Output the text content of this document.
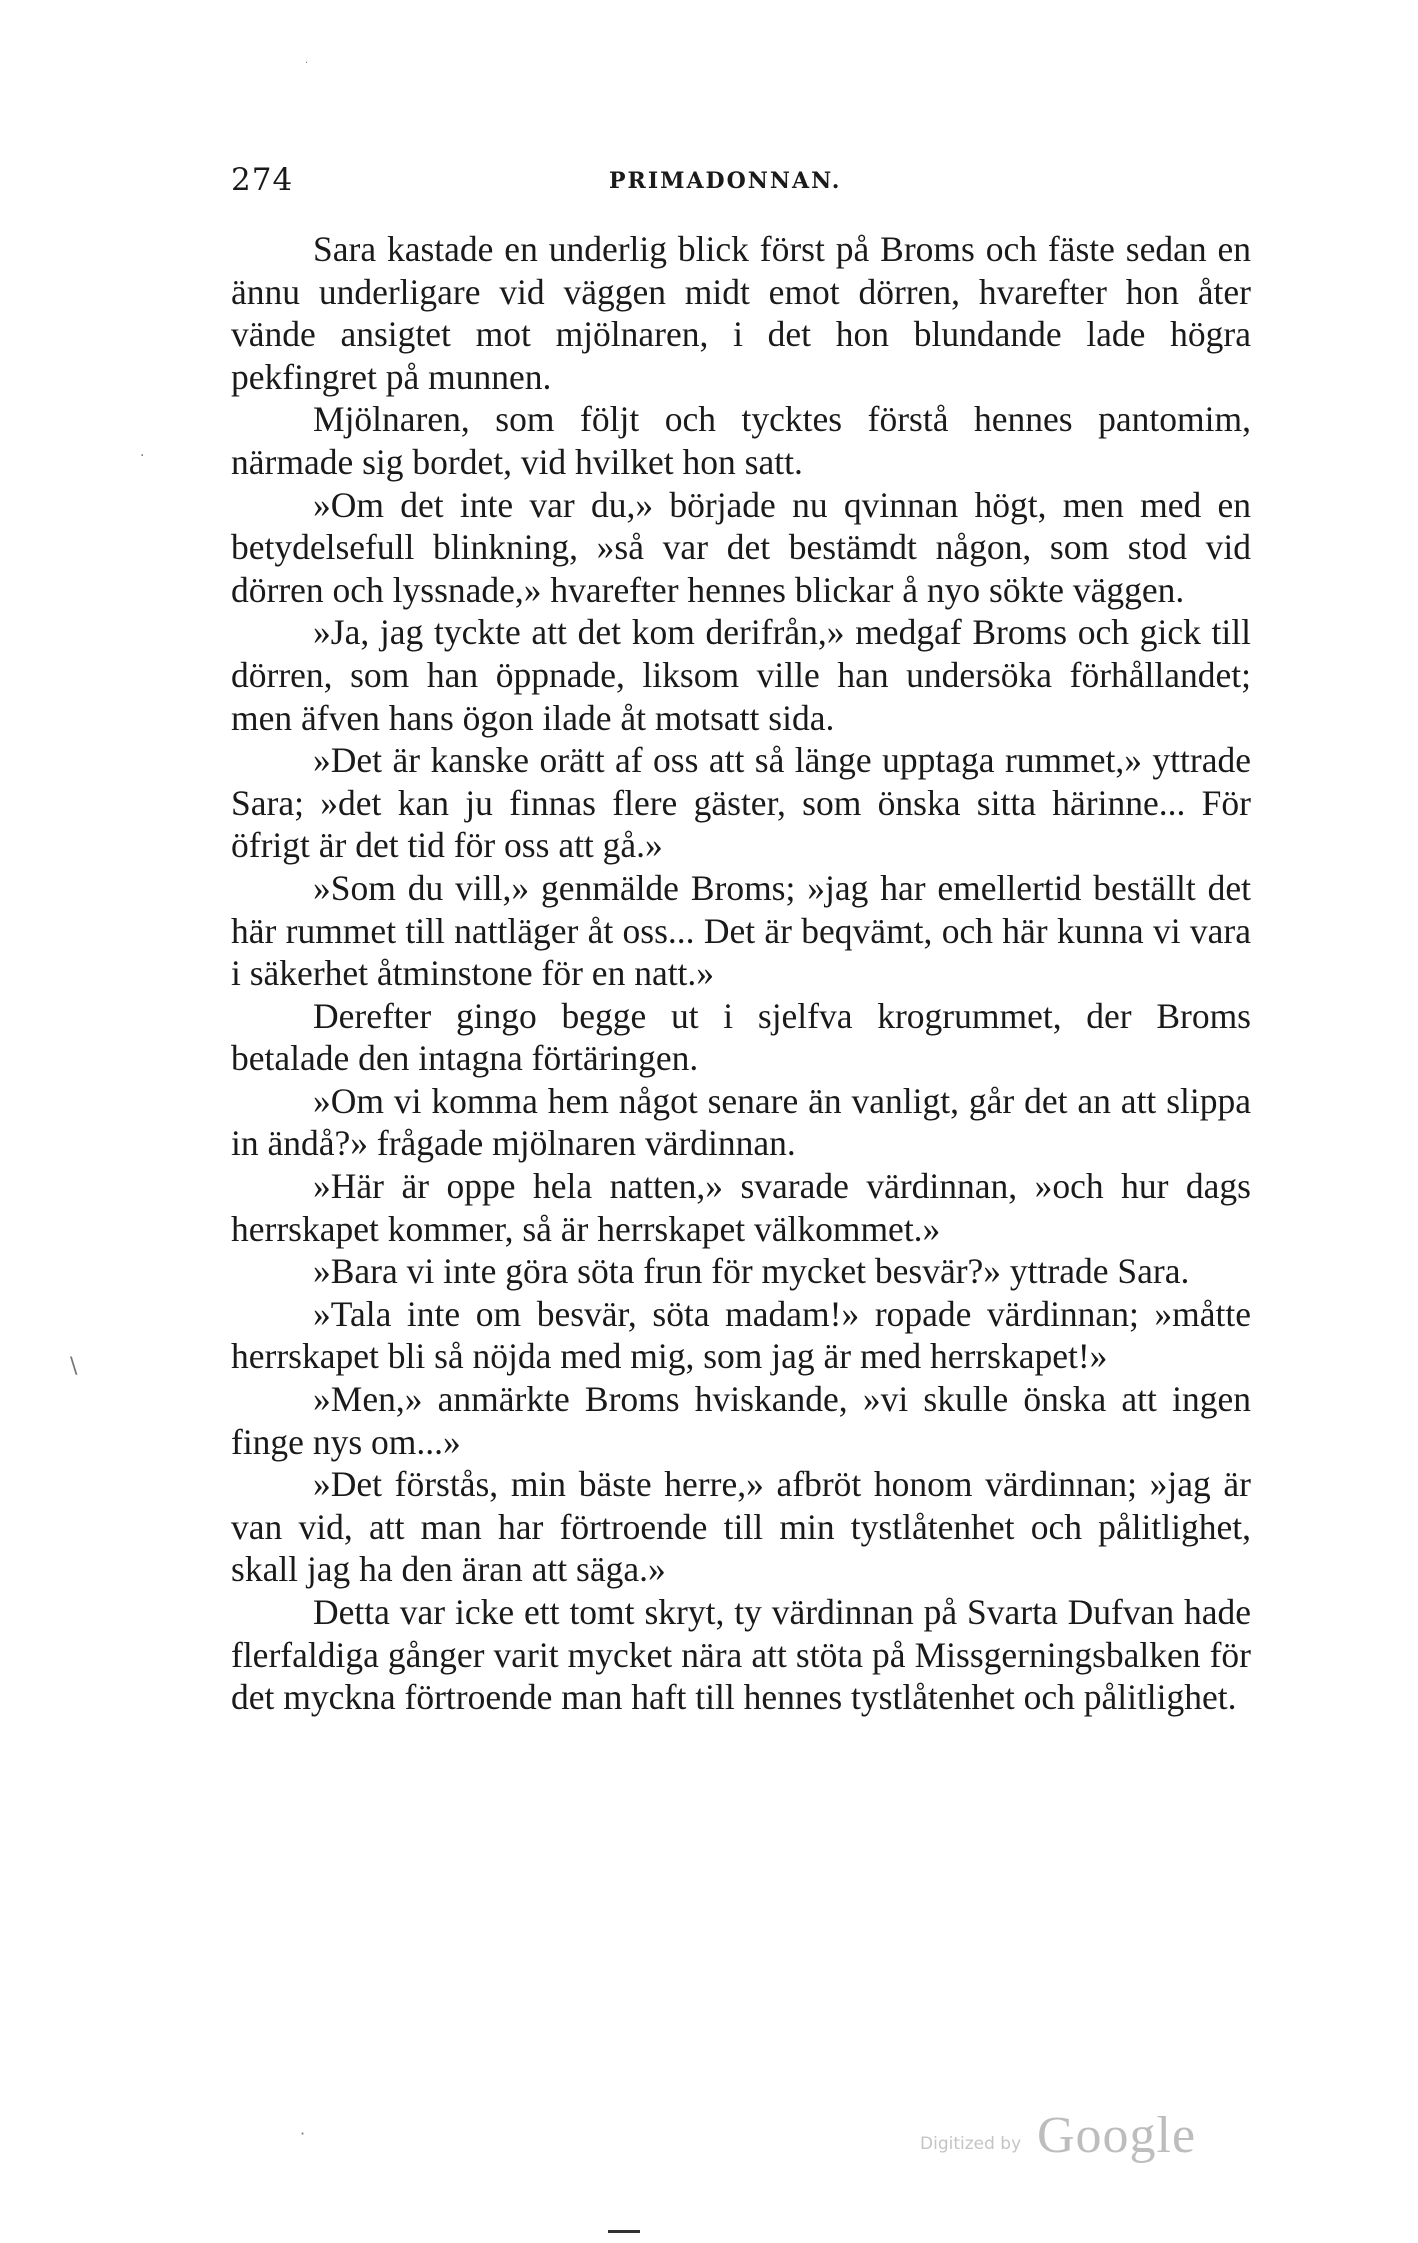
274	PRIMADONNAN.

Sara kastade en underlig blick först på Broms och fäste sedan en ännu underligare vid väggen midt emot dörren, hvarefter hon åter vände ansigtet mot mjölnaren, i det hon blundande lade högra pekfingret på munnen.

Mjölnaren, som följt och tycktes förstå hennes pantomim, närmade sig bordet, vid hvilket hon satt.

»Om det inte var du,» började nu qvinnan högt, men med en betydelsefull blinkning, »så var det bestämdt någon, som stod vid dörren och lyssnade,» hvarefter hennes blickar å nyo sökte väggen.

»Ja, jag tyckte att det kom derifrån,» medgaf Broms och gick till dörren, som han öppnade, liksom ville han undersöka förhållandet; men äfven hans ögon ilade åt motsatt sida.

»Det är kanske orätt af oss att så länge upptaga rummet,» yttrade Sara; »det kan ju finnas flere gäster, som önska sitta härinne... För öfrigt är det tid för oss att gå.»

»Som du vill,» genmälde Broms; »jag har emellertid beställt det här rummet till nattläger åt oss... Det är beqvämt, och här kunna vi vara i säkerhet åtminstone för en natt.»

Derefter gingo begge ut i sjelfva krogrummet, der Broms betalade den intagna förtäringen.

»Om vi komma hem något senare än vanligt, går det an att slippa in ändå?» frågade mjölnaren värdinnan.

»Här är oppe hela natten,» svarade värdinnan, »och hur dags herrskapet kommer, så är herrskapet välkommet.»

»Bara vi inte göra söta frun för mycket besvär?» yttrade Sara.

»Tala inte om besvär, söta madam!» ropade värdinnan; »måtte herrskapet bli så nöjda med mig, som jag är med herrskapet!»

»Men,» anmärkte Broms hviskande, »vi skulle önska att ingen finge nys om...»

»Det förstås, min bäste herre,» afbröt honom värdinnan; »jag är van vid, att man har förtroende till min tystlåtenhet och pålitlighet, skall jag ha den äran att säga.»

Detta var icke ett tomt skryt, ty värdinnan på Svarta Dufvan hade flerfaldiga gånger varit mycket nära att stöta på Missgerningsbalken för det myckna förtroende man haft till hennes tystlåtenhet och pålitlighet.

·
·
\
·
Digitized by Google
